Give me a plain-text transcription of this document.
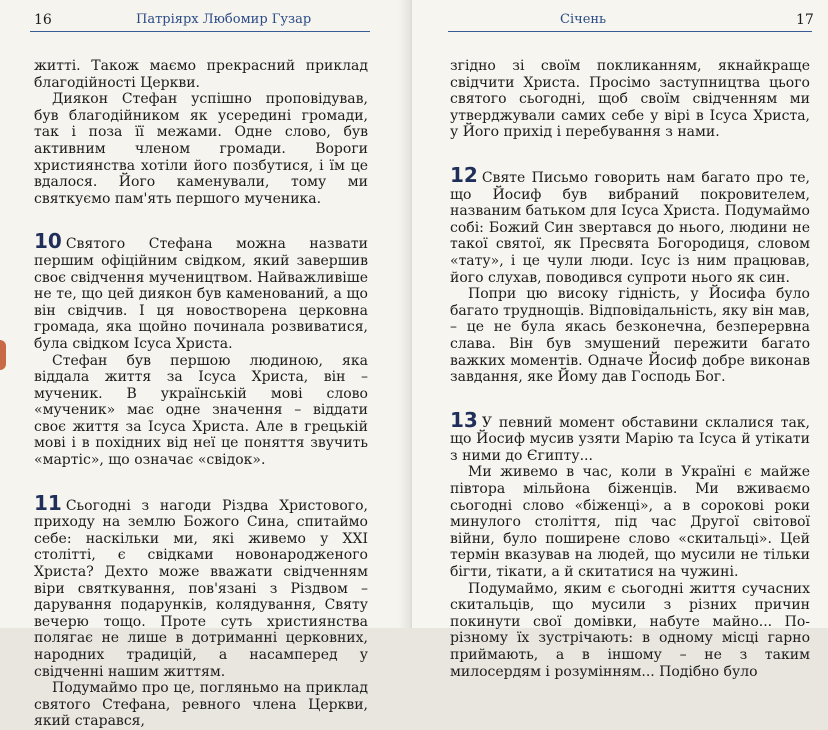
16	Патріярх Любомир Гузар

житті. Також маємо прекрасний приклад благодійності Церкви.

Диякон Стефан успішно проповідував, був благодійником як усередині громади, так і поза її межами. Одне слово, був активним членом громади. Вороги християнства хотіли його позбутися, і їм це вдалося. Його каменували, тому ми святкуємо пам'ять першого мученика.

10 Святого Стефана можна назвати першим офіційним свідком, який завершив своє свідчення мучеництвом. Найважливіше не те, що цей диякон був каменований, а що він свідчив. І ця новостворена церковна громада, яка щойно починала розвиватися, була свідком Ісуса Христа.

Стефан був першою людиною, яка віддала життя за Ісуса Христа, він – мученик. В українській мові слово «мученик» має одне значення – віддати своє життя за Ісуса Христа. Але в грецькій мові і в похідних від неї це поняття звучить «мартіс», що означає «свідок».

11 Сьогодні з нагоди Різдва Христового, приходу на землю Божого Сина, спитаймо себе: наскільки ми, які живемо у XXI столітті, є свідками новонародженого Христа? Дехто може вважати свідченням віри святкування, пов'язані з Різдвом – дарування подарунків, колядування, Святу вечерю тощо. Проте суть християнства полягає не лише в дотриманні церковних, народних традицій, а насамперед у свідченні нашим життям.

Подумаймо про це, погляньмо на приклад святого Стефана, ревного члена Церкви, який старався,

Січень	17

згідно зі своїм покликанням, якнайкраще свідчити Христа. Просімо заступництва цього святого сьогодні, щоб своїм свідченням ми утверджували самих себе у вірі в Ісуса Христа, у Його прихід і перебування з нами.

12 Святе Письмо говорить нам багато про те, що Йосиф був вибраний покровителем, названим батьком для Ісуса Христа. Подумаймо собі: Божий Син звертався до нього, людини не такої святої, як Пресвята Богородиця, словом «тату», і це чули люди. Ісус із ним працював, його слухав, поводився супроти нього як син.

Попри цю високу гідність, у Йосифа було багато труднощів. Відповідальність, яку він мав, – це не була якась безконечна, безперервна слава. Він був змушений пережити багато важких моментів. Одначе Йосиф добре виконав завдання, яке Йому дав Господь Бог.

13 У певний момент обставини склалися так, що Йосиф мусив узяти Марію та Ісуса й утікати з ними до Єгипту...

Ми живемо в час, коли в Україні є майже півтора мільйона біженців. Ми вживаємо сьогодні слово «біженці», а в сорокові роки минулого століття, під час Другої світової війни, було поширене слово «скитальці». Цей термін вказував на людей, що мусили не тільки бігти, тікати, а й скитатися на чужині.

Подумаймо, яким є сьогодні життя сучасних скитальців, що мусили з різних причин покинути свої домівки, набуте майно... По-різному їх зустрічають: в одному місці гарно приймають, а в іншому – не з таким милосердям і розумінням... Подібно було
